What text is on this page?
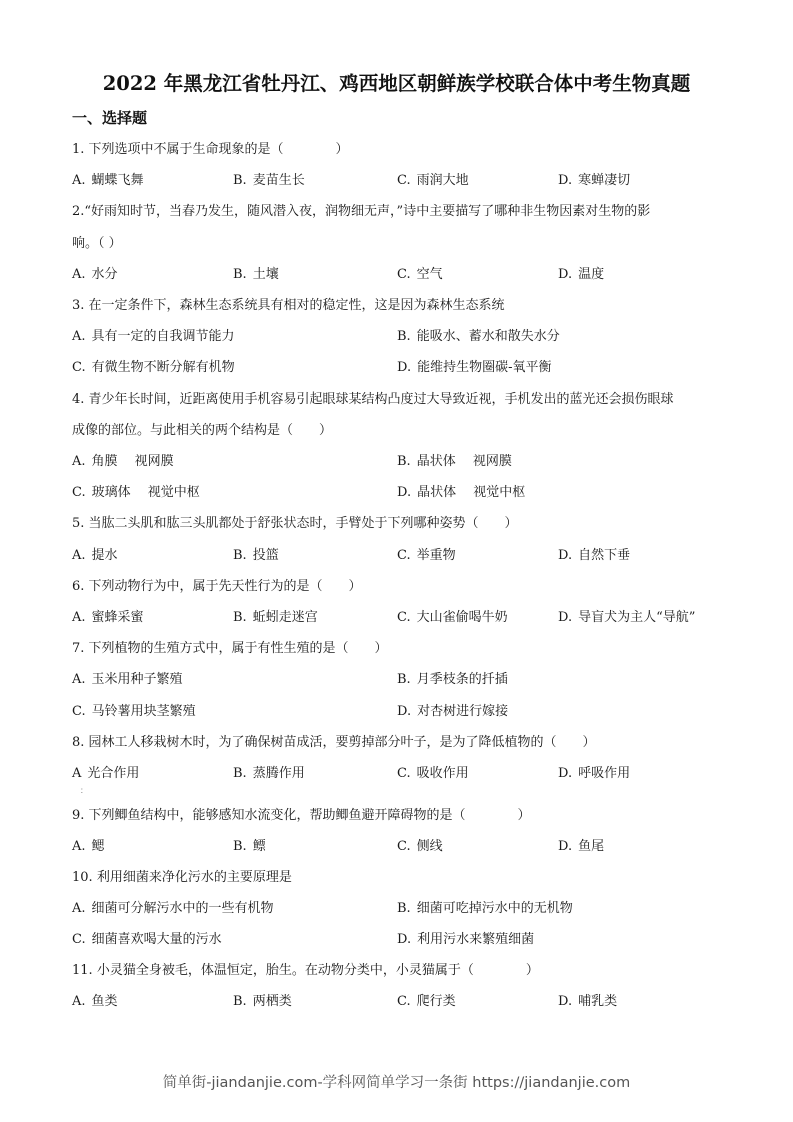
2022 年黑龙江省牡丹江、鸡西地区朝鲜族学校联合体中考生物真题
一、选择题
1. 下列选项中不属于生命现象的是（　　　　）
A. 蝴蝶飞舞	B. 麦苗生长	C. 雨润大地	D. 寒蝉凄切
2.“好雨知时节，当春乃发生，随风潜入夜，润物细无声，”诗中主要描写了哪种非生物因素对生物的影
响。（ ）
A. 水分	B. 土壤	C. 空气	D. 温度
3. 在一定条件下，森林生态系统具有相对的稳定性，这是因为森林生态系统
A. 具有一定的自我调节能力	B. 能吸水、蓄水和散失水分
C. 有微生物不断分解有机物	D. 能维持生物圈碳-氧平衡
4. 青少年长时间，近距离使用手机容易引起眼球某结构凸度过大导致近视，手机发出的蓝光还会损伤眼球
成像的部位。与此相关的两个结构是（　　）
A. 角膜　 视网膜	B. 晶状体　 视网膜
C. 玻璃体　 视觉中枢	D. 晶状体　 视觉中枢
5. 当肱二头肌和肱三头肌都处于舒张状态时，手臂处于下列哪种姿势（　　）
A. 提水	B. 投篮	C. 举重物	D. 自然下垂
6. 下列动物行为中，属于先天性行为的是（　　）
A. 蜜蜂采蜜	B. 蚯蚓走迷宫	C. 大山雀偷喝牛奶	D. 导盲犬为主人“导航”
7. 下列植物的生殖方式中，属于有性生殖的是（　　）
A. 玉米用种子繁殖	B. 月季枝条的扦插
C. 马铃薯用块茎繁殖	D. 对杏树进行嫁接
8. 园林工人移栽树木时，为了确保树苗成活，要剪掉部分叶子，是为了降低植物的（　　）
A 光合作用	B. 蒸腾作用	C. 吸收作用	D. 呼吸作用
：
9. 下列鲫鱼结构中，能够感知水流变化，帮助鲫鱼避开障碍物的是（　　　　）
A. 鳃	B. 鳔	C. 侧线	D. 鱼尾
10. 利用细菌来净化污水的主要原理是
A. 细菌可分解污水中的一些有机物	B. 细菌可吃掉污水中的无机物
C. 细菌喜欢喝大量的污水	D. 利用污水来繁殖细菌
11. 小灵猫全身被毛，体温恒定，胎生。在动物分类中，小灵猫属于（　　　　）
A. 鱼类	B. 两栖类	C. 爬行类	D. 哺乳类
简单街-jiandanjie.com-学科网简单学习一条街 https://jiandanjie.com
